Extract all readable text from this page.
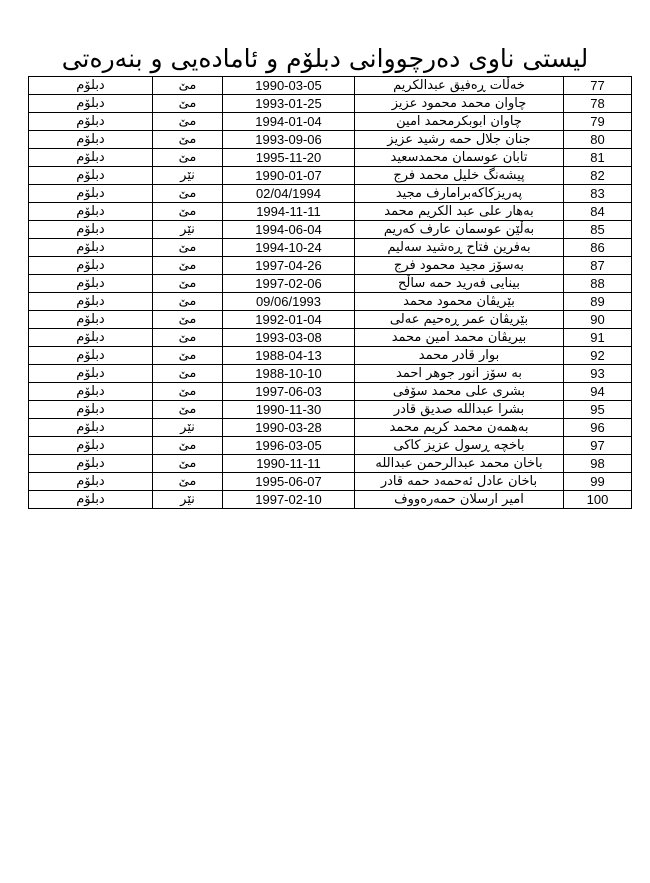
لیستی ناوی دەرچووانی دبلۆم و ئامادەیی و بنەرەتی
دبلۆم	مێ	1990-03-05	خەڵات ڕەفیق عبدالكريم	77
دبلۆم	مێ	1993-01-25	چاوان محمد محمود عزيز	78
دبلۆم	مێ	1994-01-04	چاوان ابوبكرمحمد امين	79
دبلۆم	مێ	1993-09-06	جنان جلال حمه رشيد عزيز	80
دبلۆم	مێ	1995-11-20	تابان عوسمان محمدسعيد	81
دبلۆم	نێر	1990-01-07	پیشەنگ خليل محمد فرج	82
دبلۆم	مێ	02/04/1994	پەریزکاکەبرامارف مجید	83
دبلۆم	مێ	1994-11-11	بەهار علی عبد الكريم محمد	84
دبلۆم	نێر	1994-06-04	بەڵێن عوسمان عارف كەریم	85
دبلۆم	مێ	1994-10-24	بەفرین فتاح ڕەشید سەلیم	86
دبلۆم	مێ	1997-04-26	بەسۆز مجيد محمود فرج	87
دبلۆم	مێ	1997-02-06	بینایی فەرید حمه ساڵح	88
دبلۆم	مێ	09/06/1993	بێریڤان محمود محمد	89
دبلۆم	مێ	1992-01-04	بێریڤان عمر ڕەحیم عەلی	90
دبلۆم	مێ	1993-03-08	بيريڤان محمد امين محمد	91
دبلۆم	مێ	1988-04-13	بوار قادر محمد	92
دبلۆم	مێ	1988-10-10	به سۆز انور جوهر احمد	93
دبلۆم	مێ	1997-06-03	بشرى على محمد سۆفی	94
دبلۆم	مێ	1990-11-30	بشرا عبدالله صديق قادر	95
دبلۆم	نێر	1990-03-28	بەهمەن محمد كريم محمد	96
دبلۆم	مێ	1996-03-05	باخچە ڕسول عزیز کاکی	97
دبلۆم	مێ	1990-11-11	باخان محمد عبدالرحمن عبدالله	98
دبلۆم	مێ	1995-06-07	باخان عادل ئەحمەد حمه قادر	99
دبلۆم	نێر	1997-02-10	امير ارسلان حمەرەووف	100
